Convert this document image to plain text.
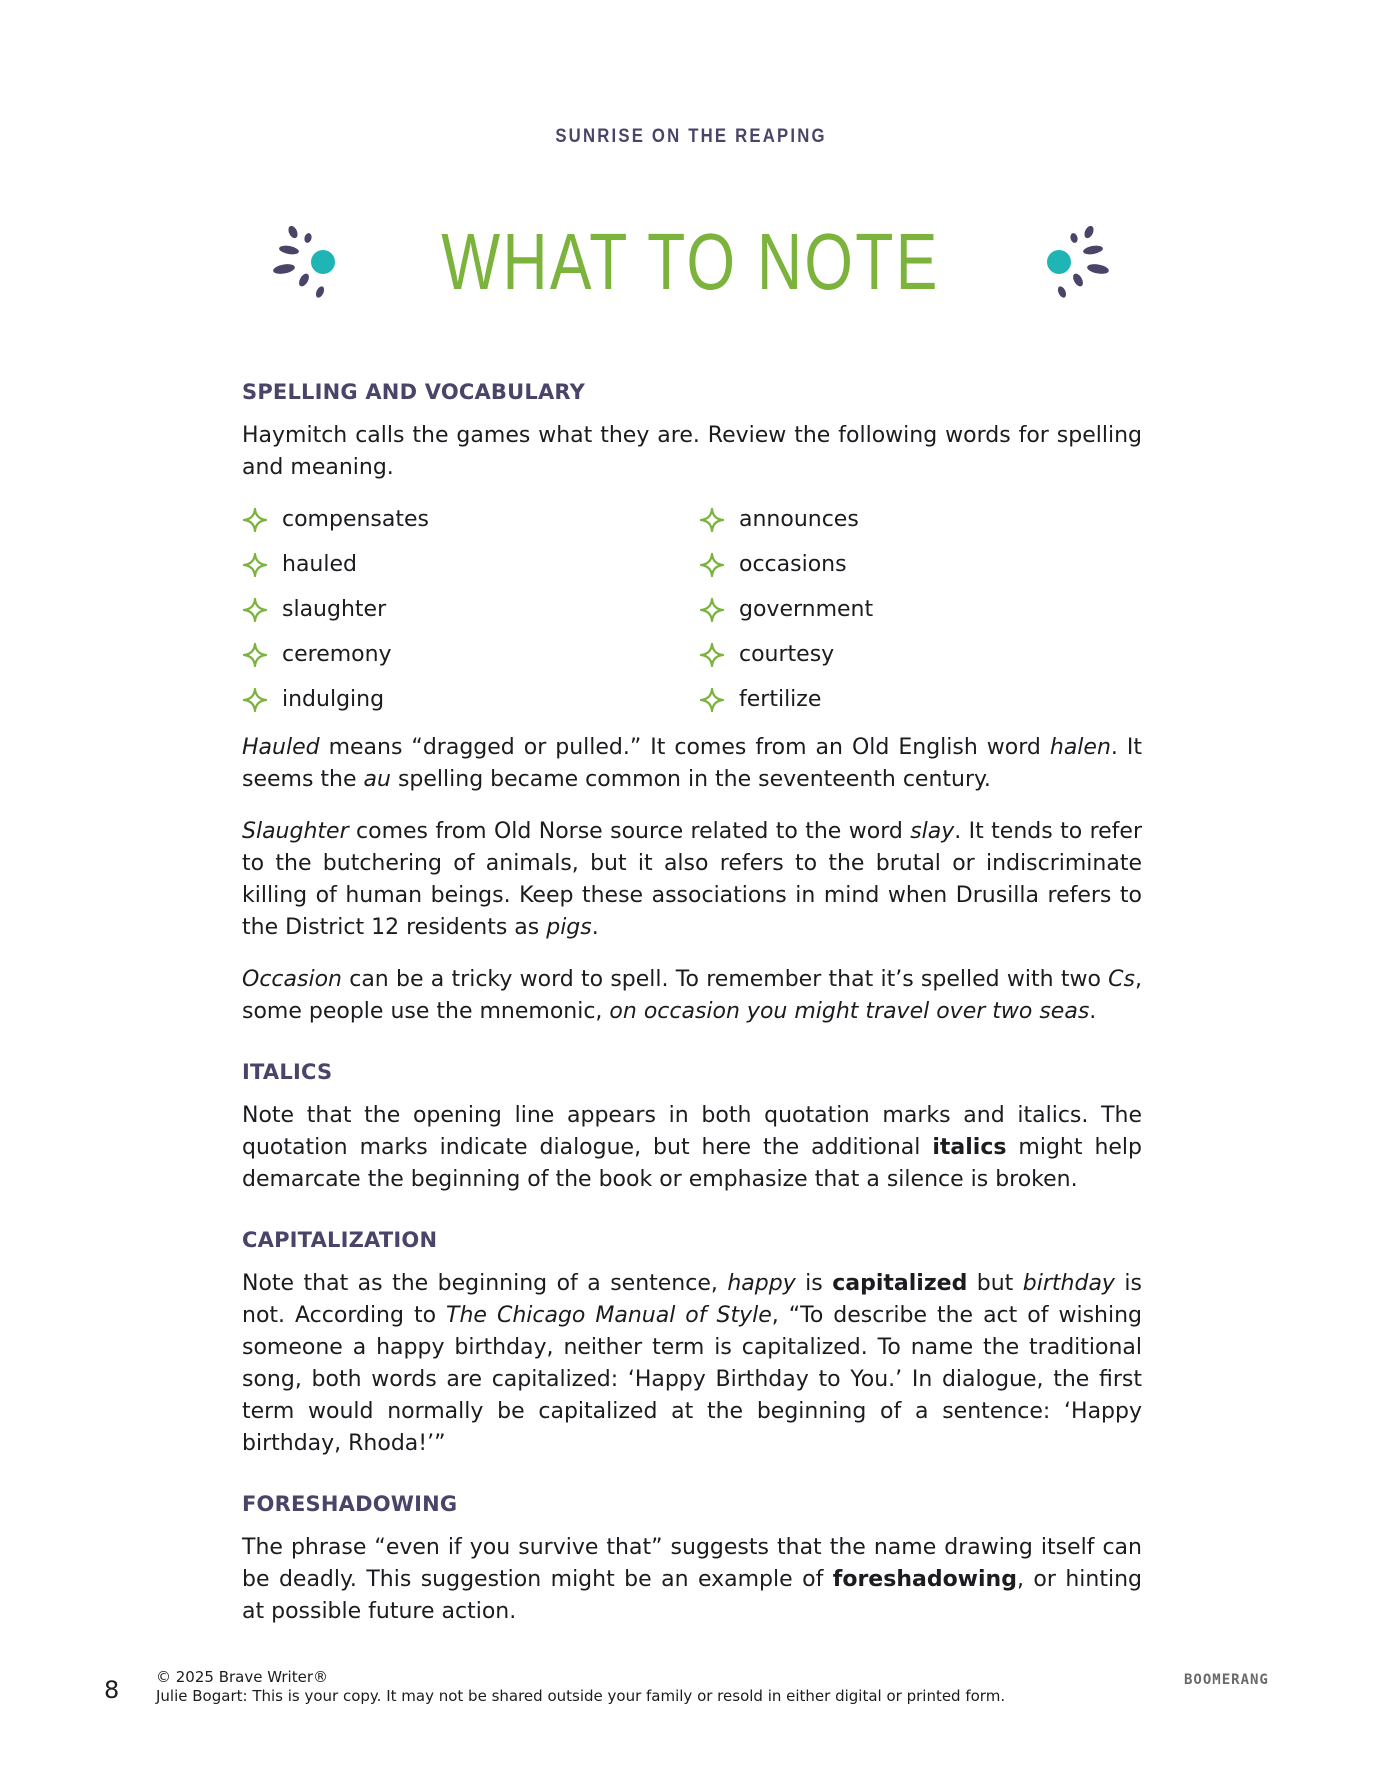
SUNRISE ON THE REAPING
WHAT TO NOTE
SPELLING AND VOCABULARY

Haymitch calls the games what they are. Review the following words for spelling and meaning.

compensates	announces
hauled	occasions
slaughter	government
ceremony	courtesy
indulging	fertilize

Hauled means “dragged or pulled.” It comes from an Old English word halen. It seems the au spelling became common in the seventeenth century.

Slaughter comes from Old Norse source related to the word slay. It tends to refer to the butchering of animals, but it also refers to the brutal or indiscriminate killing of human beings. Keep these associations in mind when Drusilla refers to the District 12 residents as pigs.

Occasion can be a tricky word to spell. To remember that it’s spelled with two Cs, some people use the mnemonic, on occasion you might travel over two seas.

ITALICS

Note that the opening line appears in both quotation marks and italics. The quotation marks indicate dialogue, but here the additional italics might help demarcate the beginning of the book or emphasize that a silence is broken.

CAPITALIZATION

Note that as the beginning of a sentence, happy is capitalized but birthday is not. According to The Chicago Manual of Style, “To describe the act of wishing someone a happy birthday, neither term is capitalized. To name the traditional song, both words are capitalized: ‘Happy Birthday to You.’ In dialogue, the first term would normally be capitalized at the beginning of a sentence: ‘Happy birthday, Rhoda!’”

FORESHADOWING

The phrase “even if you survive that” suggests that the name drawing itself can be deadly. This suggestion might be an example of foreshadowing, or hinting at possible future action.

8 © 2025 Brave Writer®
Julie Bogart: This is your copy. It may not be shared outside your family or resold in either digital or printed form.
BOOMERANG
